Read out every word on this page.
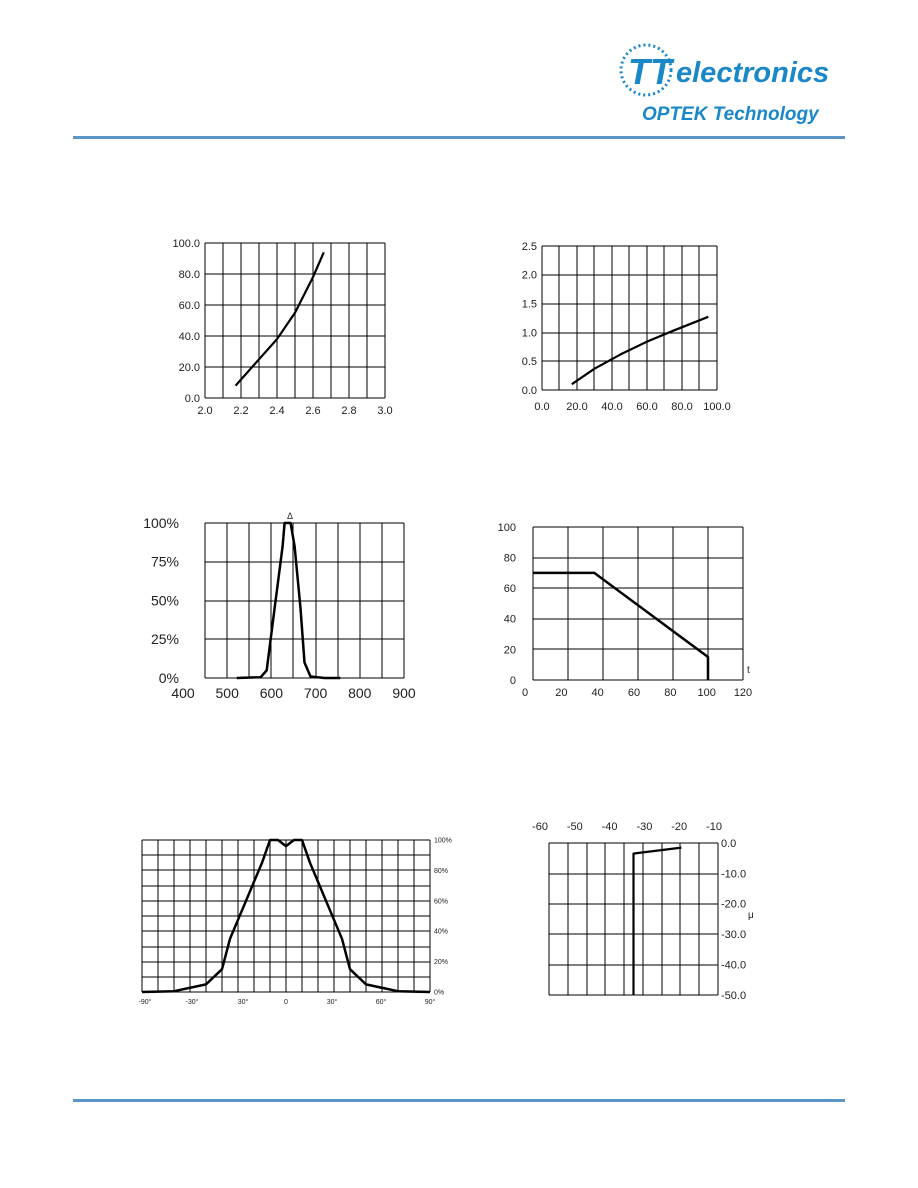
TT electronics
OPTEK Technology
0.0
20.0
40.0
60.0
80.0
100.0
2.0 2.2 2.4 2.6 2.8 3.0
0.0
0.5
1.0
1.5
2.0
2.5
0.0 20.0 40.0 60.0 80.0 100.0
0%
25%
50%
75%
100%
400 500 600 700 800 900
Δ
0
20
40
60
80
100
0 20 40 60 80 100 120
t
0%
20%
40%
60%
80%
100%
-90°	-30°	30°	0	30°	60°	90°
0.0
-10.0
-20.0
-30.0
-40.0
-50.0
-60 -50 -40 -30 -20 -10
μ
